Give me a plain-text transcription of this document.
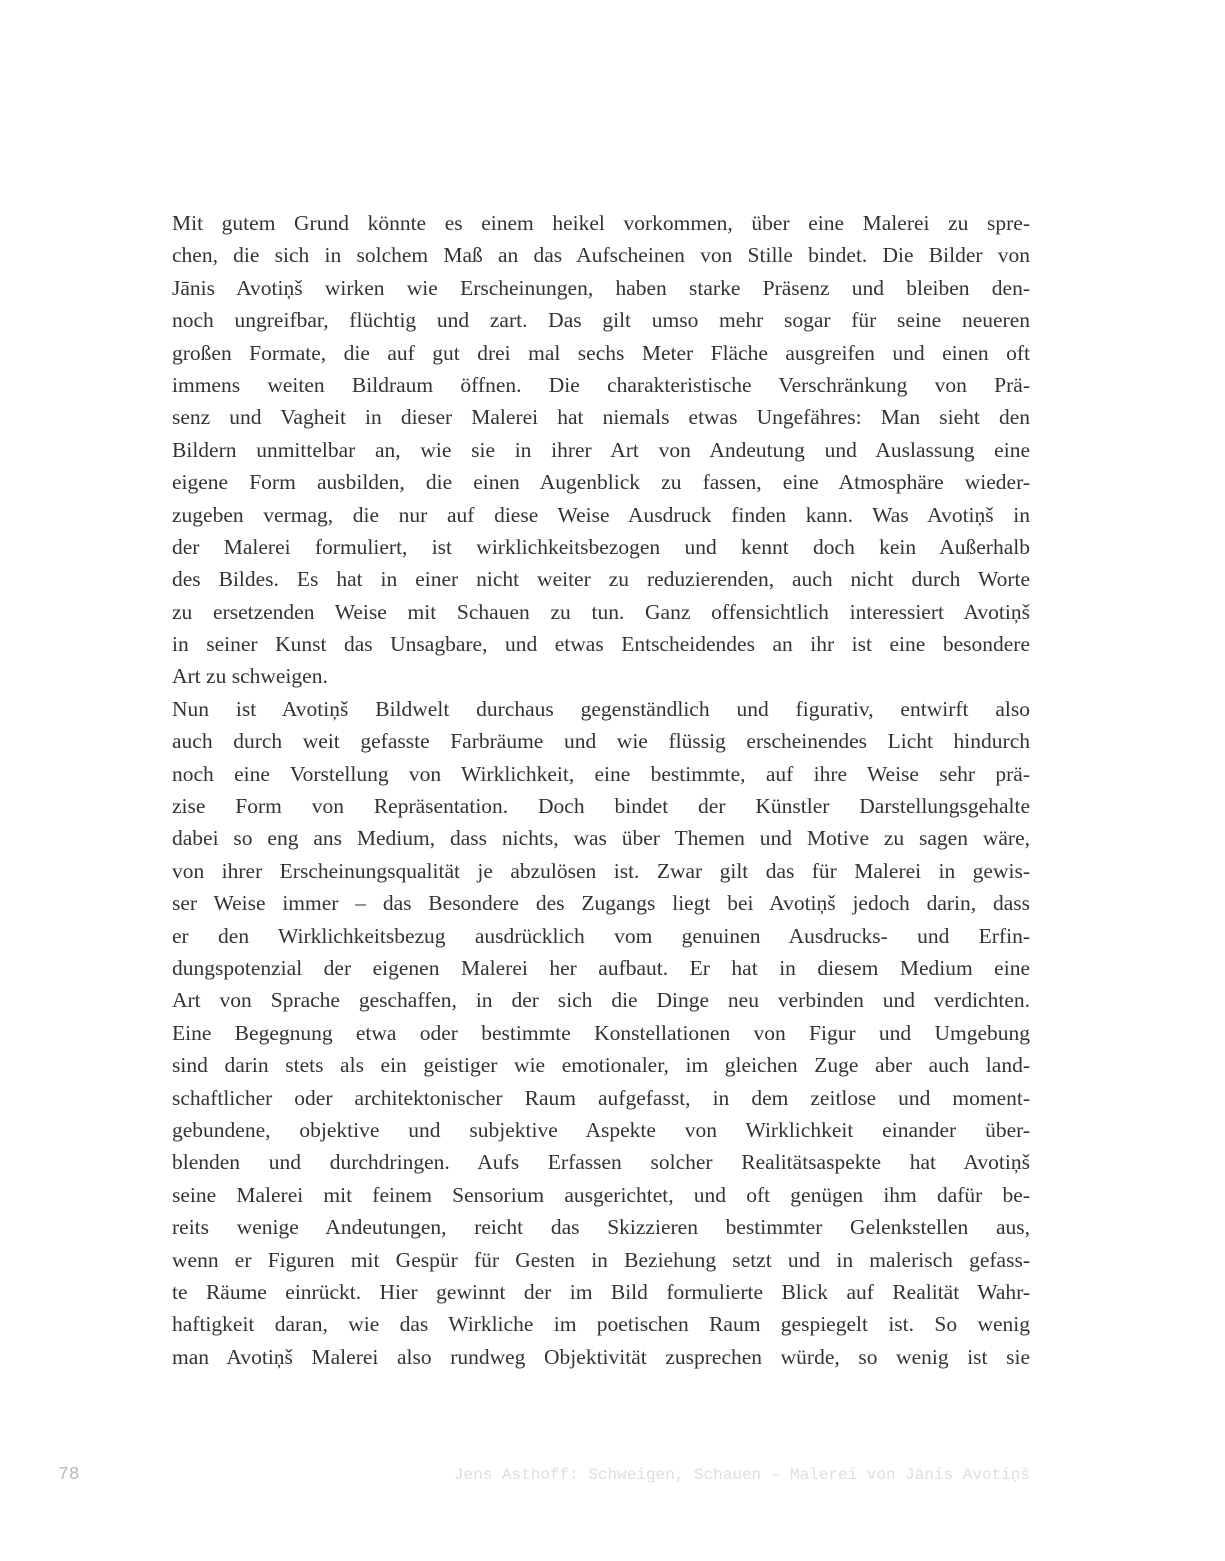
Mit gutem Grund könnte es einem heikel vorkommen, über eine Malerei zu spre-
chen, die sich in solchem Maß an das Aufscheinen von Stille bindet. Die Bilder von
Jānis Avotiņš wirken wie Erscheinungen, haben starke Präsenz und bleiben den-
noch ungreifbar, flüchtig und zart. Das gilt umso mehr sogar für seine neueren
großen Formate, die auf gut drei mal sechs Meter Fläche ausgreifen und einen oft
immens weiten Bildraum öffnen. Die charakteristische Verschränkung von Prä-
senz und Vagheit in dieser Malerei hat niemals etwas Ungefähres: Man sieht den
Bildern unmittelbar an, wie sie in ihrer Art von Andeutung und Auslassung eine
eigene Form ausbilden, die einen Augenblick zu fassen, eine Atmosphäre wieder-
zugeben vermag, die nur auf diese Weise Ausdruck finden kann. Was Avotiņš in
der Malerei formuliert, ist wirklichkeitsbezogen und kennt doch kein Außerhalb
des Bildes. Es hat in einer nicht weiter zu reduzierenden, auch nicht durch Worte
zu ersetzenden Weise mit Schauen zu tun. Ganz offensichtlich interessiert Avotiņš
in seiner Kunst das Unsagbare, und etwas Entscheidendes an ihr ist eine besondere
Art zu schweigen.
Nun ist Avotiņš Bildwelt durchaus gegenständlich und figurativ, entwirft also
auch durch weit gefasste Farbräume und wie flüssig erscheinendes Licht hindurch
noch eine Vorstellung von Wirklichkeit, eine bestimmte, auf ihre Weise sehr prä-
zise Form von Repräsentation. Doch bindet der Künstler Darstellungsgehalte
dabei so eng ans Medium, dass nichts, was über Themen und Motive zu sagen wäre,
von ihrer Erscheinungsqualität je abzulösen ist. Zwar gilt das für Malerei in gewis-
ser Weise immer – das Besondere des Zugangs liegt bei Avotiņš jedoch darin, dass
er den Wirklichkeitsbezug ausdrücklich vom genuinen Ausdrucks- und Erfin-
dungspotenzial der eigenen Malerei her aufbaut. Er hat in diesem Medium eine
Art von Sprache geschaffen, in der sich die Dinge neu verbinden und verdichten.
Eine Begegnung etwa oder bestimmte Konstellationen von Figur und Umgebung
sind darin stets als ein geistiger wie emotionaler, im gleichen Zuge aber auch land-
schaftlicher oder architektonischer Raum aufgefasst, in dem zeitlose und moment-
gebundene, objektive und subjektive Aspekte von Wirklichkeit einander über-
blenden und durchdringen. Aufs Erfassen solcher Realitätsaspekte hat Avotiņš
seine Malerei mit feinem Sensorium ausgerichtet, und oft genügen ihm dafür be-
reits wenige Andeutungen, reicht das Skizzieren bestimmter Gelenkstellen aus,
wenn er Figuren mit Gespür für Gesten in Beziehung setzt und in malerisch gefass-
te Räume einrückt. Hier gewinnt der im Bild formulierte Blick auf Realität Wahr-
haftigkeit daran, wie das Wirkliche im poetischen Raum gespiegelt ist. So wenig
man Avotiņš Malerei also rundweg Objektivität zusprechen würde, so wenig ist sie
78	Jens Asthoff: Schweigen, Schauen – Malerei von Jānis Avotiņš
